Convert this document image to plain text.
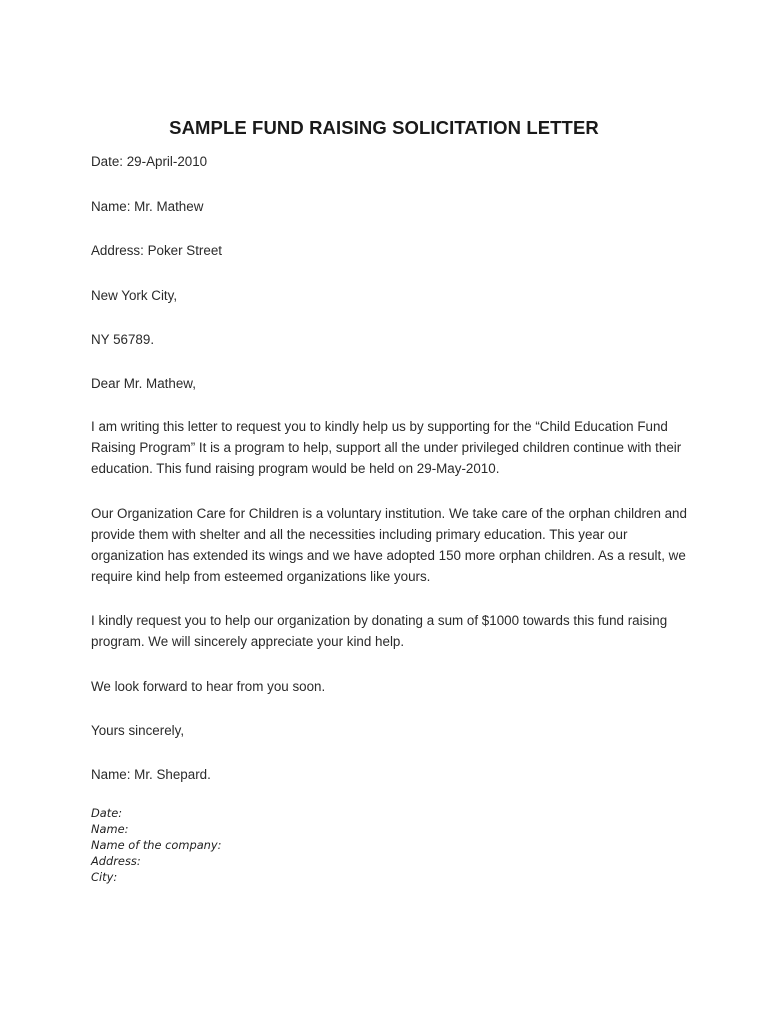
SAMPLE FUND RAISING SOLICITATION LETTER
Date: 29-April-2010
Name: Mr. Mathew
Address: Poker Street
New York City,
NY 56789.
Dear Mr. Mathew,
I am writing this letter to request you to kindly help us by supporting for the “Child Education Fund
Raising Program” It is a program to help, support all the under privileged children continue with their
education. This fund raising program would be held on 29-May-2010.
Our Organization Care for Children is a voluntary institution. We take care of the orphan children and
provide them with shelter and all the necessities including primary education. This year our
organization has extended its wings and we have adopted 150 more orphan children. As a result, we
require kind help from esteemed organizations like yours.
I kindly request you to help our organization by donating a sum of $1000 towards this fund raising
program. We will sincerely appreciate your kind help.
We look forward to hear from you soon.
Yours sincerely,
Name: Mr. Shepard.
Date:
Name:
Name of the company:
Address:
City:
